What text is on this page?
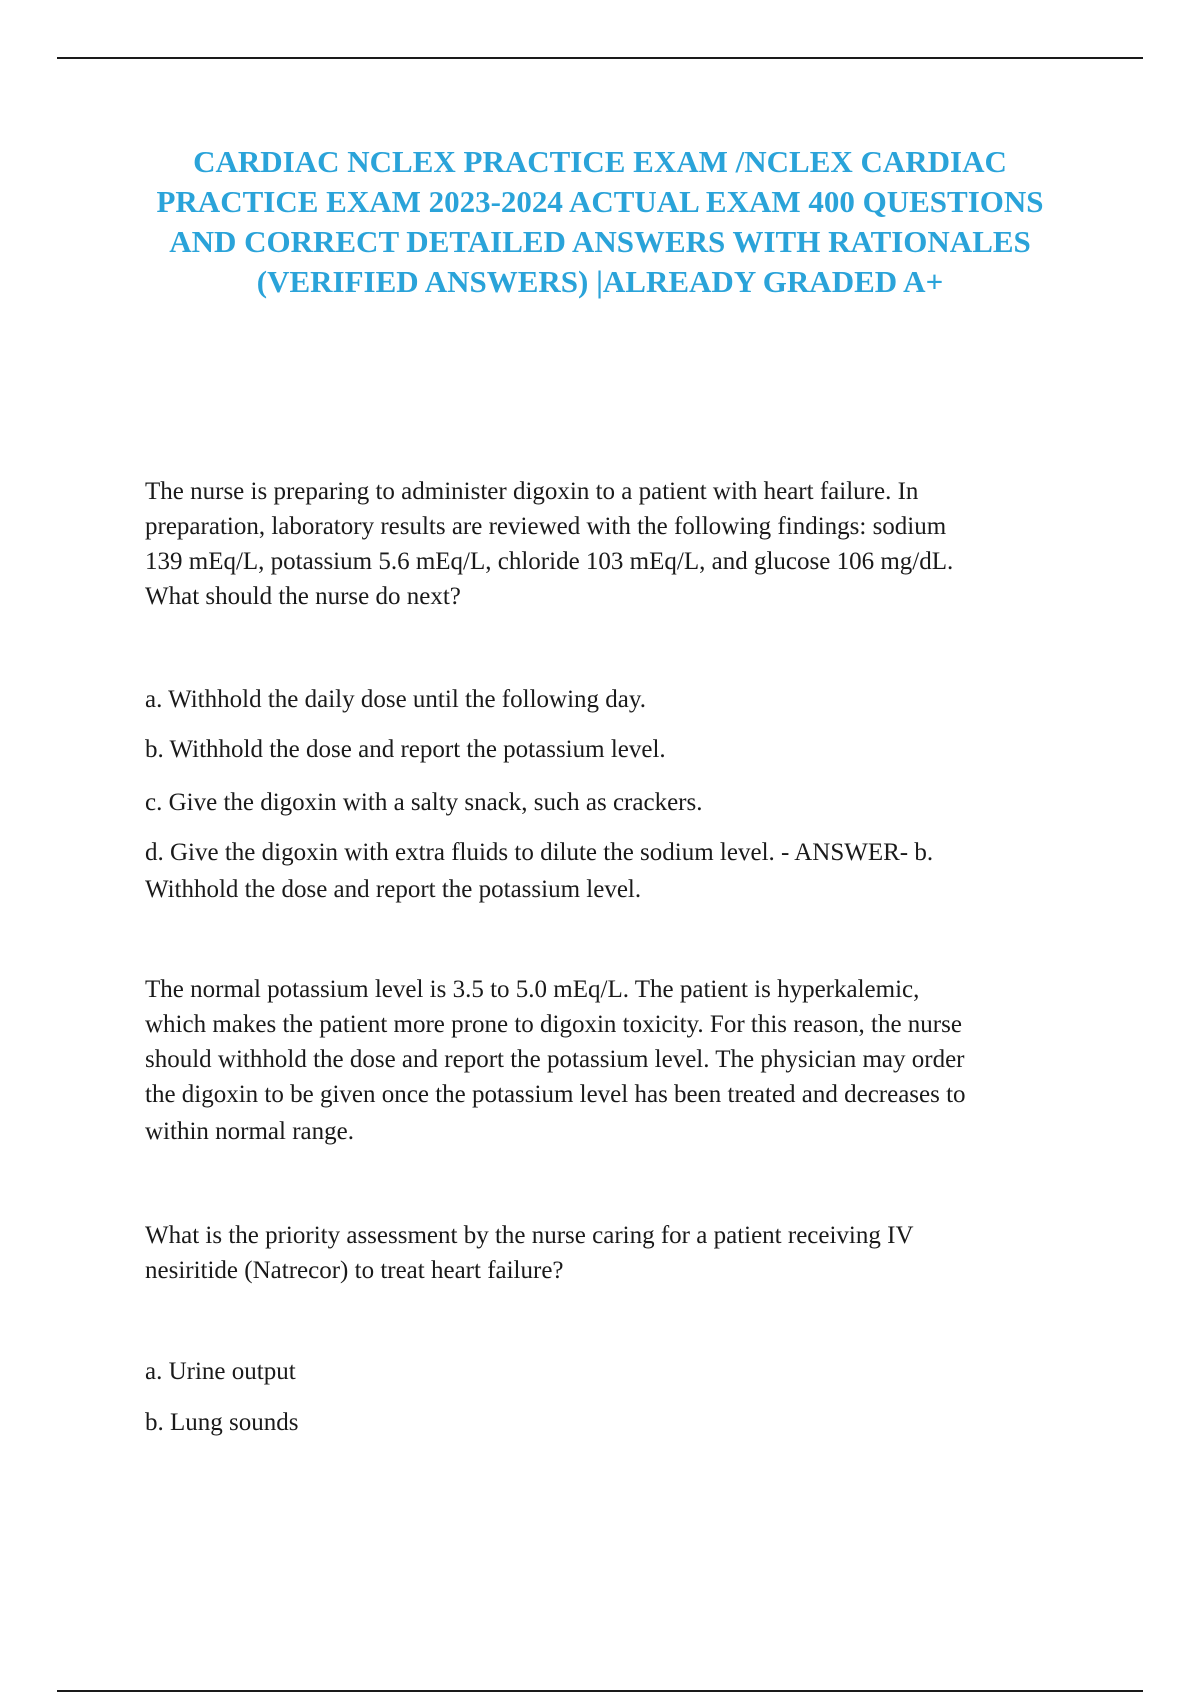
CARDIAC NCLEX PRACTICE EXAM /NCLEX CARDIAC
PRACTICE EXAM 2023-2024 ACTUAL EXAM 400 QUESTIONS
AND CORRECT DETAILED ANSWERS WITH RATIONALES
(VERIFIED ANSWERS) |ALREADY GRADED A+
The nurse is preparing to administer digoxin to a patient with heart failure. In
preparation, laboratory results are reviewed with the following findings: sodium
139 mEq/L, potassium 5.6 mEq/L, chloride 103 mEq/L, and glucose 106 mg/dL.
What should the nurse do next?
a. Withhold the daily dose until the following day.
b. Withhold the dose and report the potassium level.
c. Give the digoxin with a salty snack, such as crackers.
d. Give the digoxin with extra fluids to dilute the sodium level. - ANSWER- b.
Withhold the dose and report the potassium level.
The normal potassium level is 3.5 to 5.0 mEq/L. The patient is hyperkalemic,
which makes the patient more prone to digoxin toxicity. For this reason, the nurse
should withhold the dose and report the potassium level. The physician may order
the digoxin to be given once the potassium level has been treated and decreases to
within normal range.
What is the priority assessment by the nurse caring for a patient receiving IV
nesiritide (Natrecor) to treat heart failure?
a. Urine output
b. Lung sounds
